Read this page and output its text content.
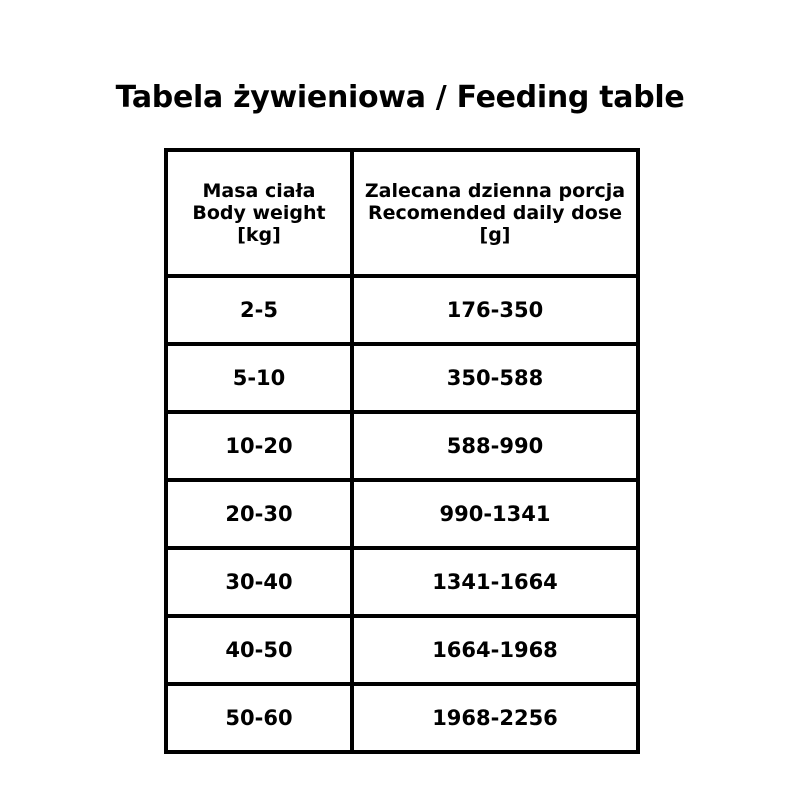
Tabela żywieniowa / Feeding table
Masa ciała
Body weight
[kg]	Zalecana dzienna porcja
Recomended daily dose
[g]

2-5	176-350
5-10	350-588
10-20	588-990
20-30	990-1341
30-40	1341-1664
40-50	1664-1968
50-60	1968-2256
